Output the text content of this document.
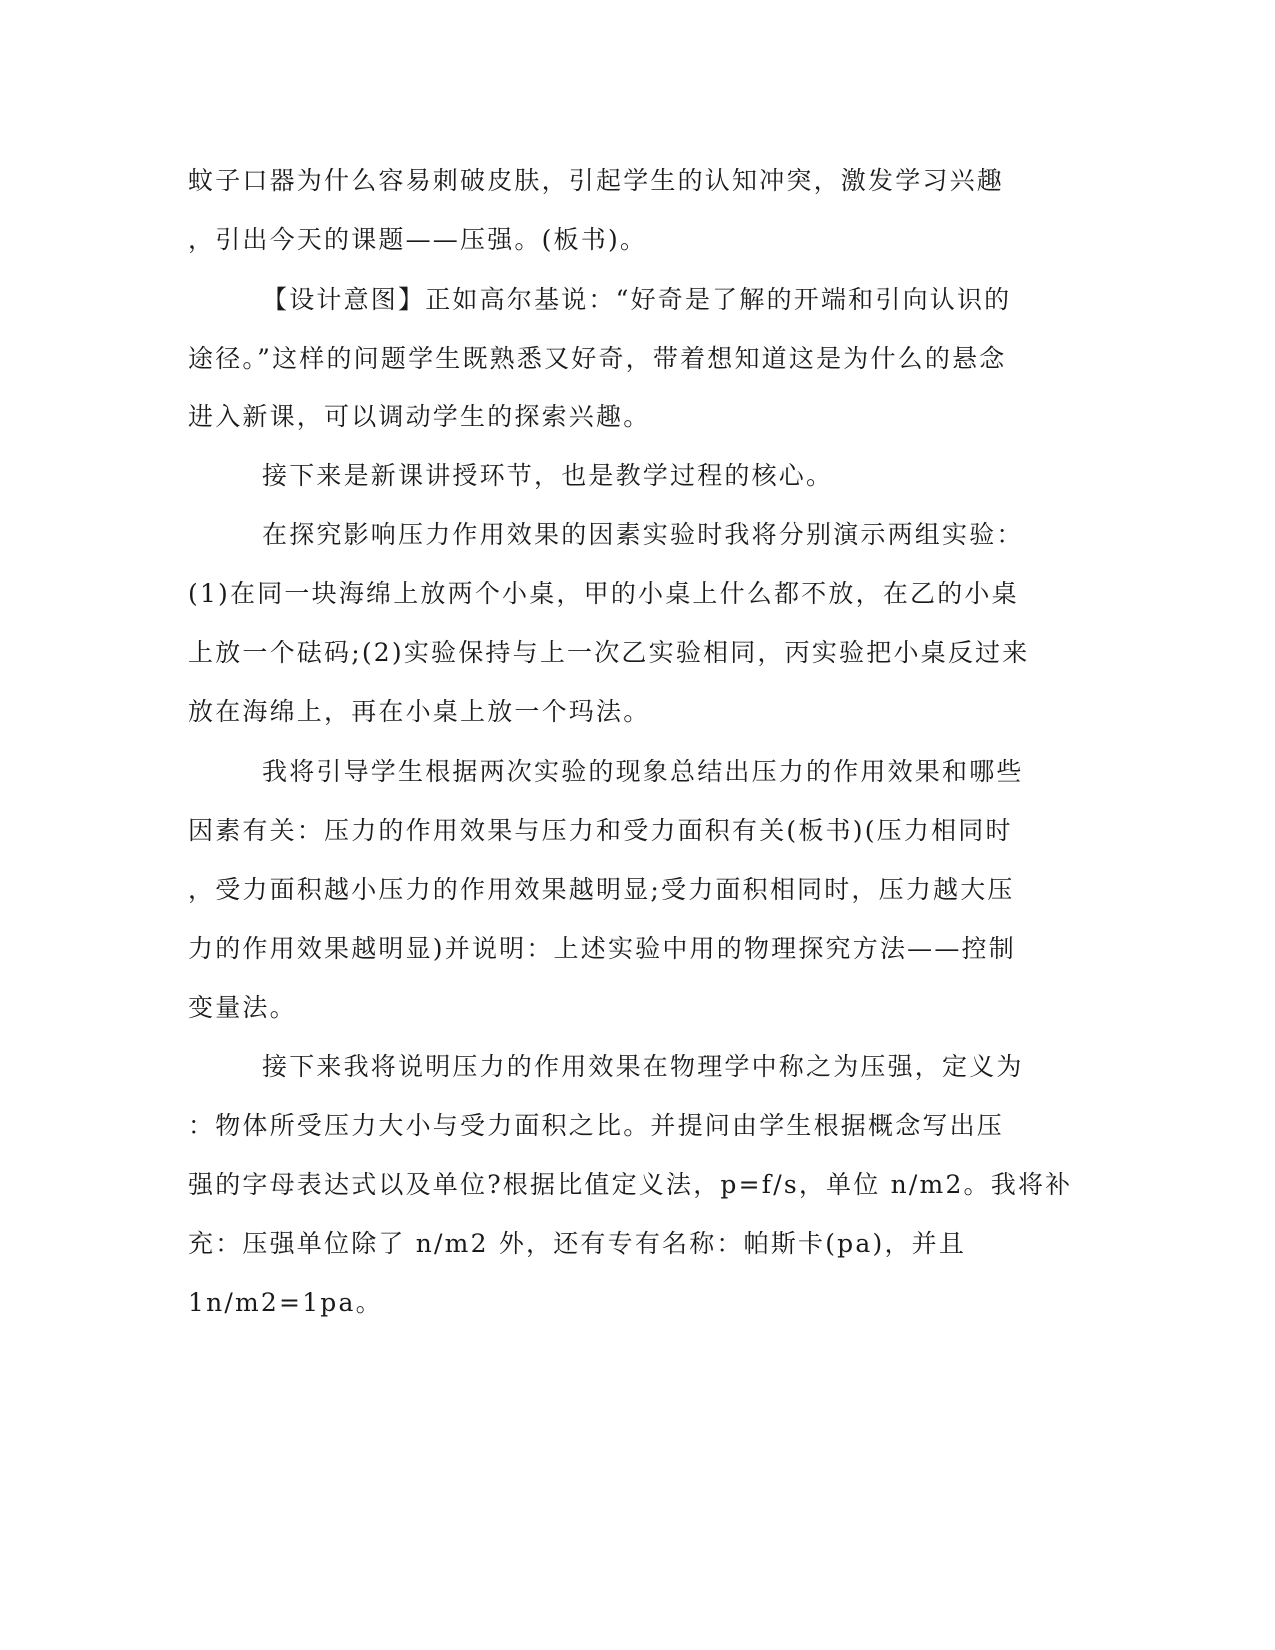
蚊子口器为什么容易刺破皮肤，引起学生的认知冲突，激发学习兴趣
，引出今天的课题——压强。(板书)。
【设计意图】正如高尔基说：“好奇是了解的开端和引向认识的
途径。”这样的问题学生既熟悉又好奇，带着想知道这是为什么的悬念
进入新课，可以调动学生的探索兴趣。
接下来是新课讲授环节，也是教学过程的核心。
在探究影响压力作用效果的因素实验时我将分别演示两组实验：
(1)在同一块海绵上放两个小桌，甲的小桌上什么都不放，在乙的小桌
上放一个砝码;(2)实验保持与上一次乙实验相同，丙实验把小桌反过来
放在海绵上，再在小桌上放一个玛法。
我将引导学生根据两次实验的现象总结出压力的作用效果和哪些
因素有关：压力的作用效果与压力和受力面积有关(板书)(压力相同时
，受力面积越小压力的作用效果越明显;受力面积相同时，压力越大压
力的作用效果越明显)并说明：上述实验中用的物理探究方法——控制
变量法。
接下来我将说明压力的作用效果在物理学中称之为压强，定义为
：物体所受压力大小与受力面积之比。并提问由学生根据概念写出压
强的字母表达式以及单位?根据比值定义法，p=f/s，单位 n/m2。我将补
充：压强单位除了 n/m2 外，还有专有名称：帕斯卡(pa)，并且
1n/m2=1pa。
